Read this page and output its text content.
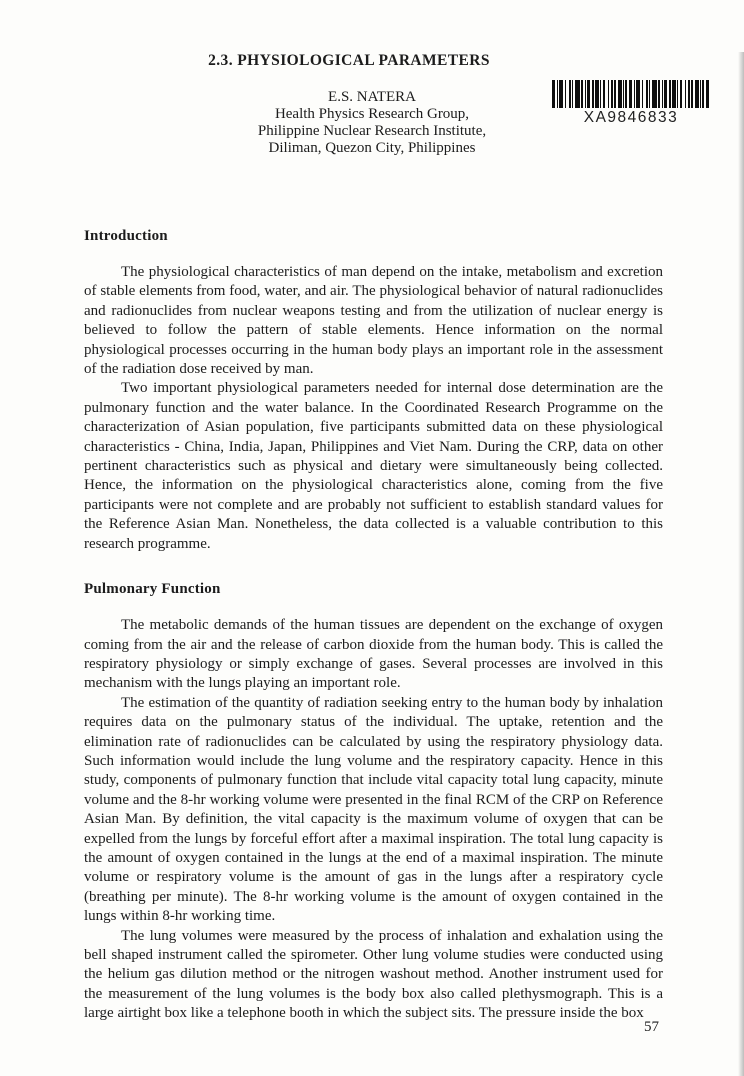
XA9846833
2.3. PHYSIOLOGICAL PARAMETERS
E.S. NATERA
Health Physics Research Group,
Philippine Nuclear Research Institute,
Diliman, Quezon City, Philippines
Introduction

The physiological characteristics of man depend on the intake, metabolism and excretion of stable elements from food, water, and air. The physiological behavior of natural radionuclides and radionuclides from nuclear weapons testing and from the utilization of nuclear energy is believed to follow the pattern of stable elements. Hence information on the normal physiological processes occurring in the human body plays an important role in the assessment of the radiation dose received by man.

Two important physiological parameters needed for internal dose determination are the pulmonary function and the water balance. In the Coordinated Research Programme on the characterization of Asian population, five participants submitted data on these physiological characteristics - China, India, Japan, Philippines and Viet Nam. During the CRP, data on other pertinent characteristics such as physical and dietary were simultaneously being collected. Hence, the information on the physiological characteristics alone, coming from the five participants were not complete and are probably not sufficient to establish standard values for the Reference Asian Man. Nonetheless, the data collected is a valuable contribution to this research programme.

Pulmonary Function

The metabolic demands of the human tissues are dependent on the exchange of oxygen coming from the air and the release of carbon dioxide from the human body. This is called the respiratory physiology or simply exchange of gases. Several processes are involved in this mechanism with the lungs playing an important role.

The estimation of the quantity of radiation seeking entry to the human body by inhalation requires data on the pulmonary status of the individual. The uptake, retention and the elimination rate of radionuclides can be calculated by using the respiratory physiology data. Such information would include the lung volume and the respiratory capacity. Hence in this study, components of pulmonary function that include vital capacity total lung capacity, minute volume and the 8-hr working volume were presented in the final RCM of the CRP on Reference Asian Man. By definition, the vital capacity is the maximum volume of oxygen that can be expelled from the lungs by forceful effort after a maximal inspiration. The total lung capacity is the amount of oxygen contained in the lungs at the end of a maximal inspiration. The minute volume or respiratory volume is the amount of gas in the lungs after a respiratory cycle (breathing per minute). The 8-hr working volume is the amount of oxygen contained in the lungs within 8-hr working time.

The lung volumes were measured by the process of inhalation and exhalation using the bell shaped instrument called the spirometer. Other lung volume studies were conducted using the helium gas dilution method or the nitrogen washout method. Another instrument used for the measurement of the lung volumes is the body box also called plethysmograph. This is a large airtight box like a telephone booth in which the subject sits. The pressure inside the box

57
